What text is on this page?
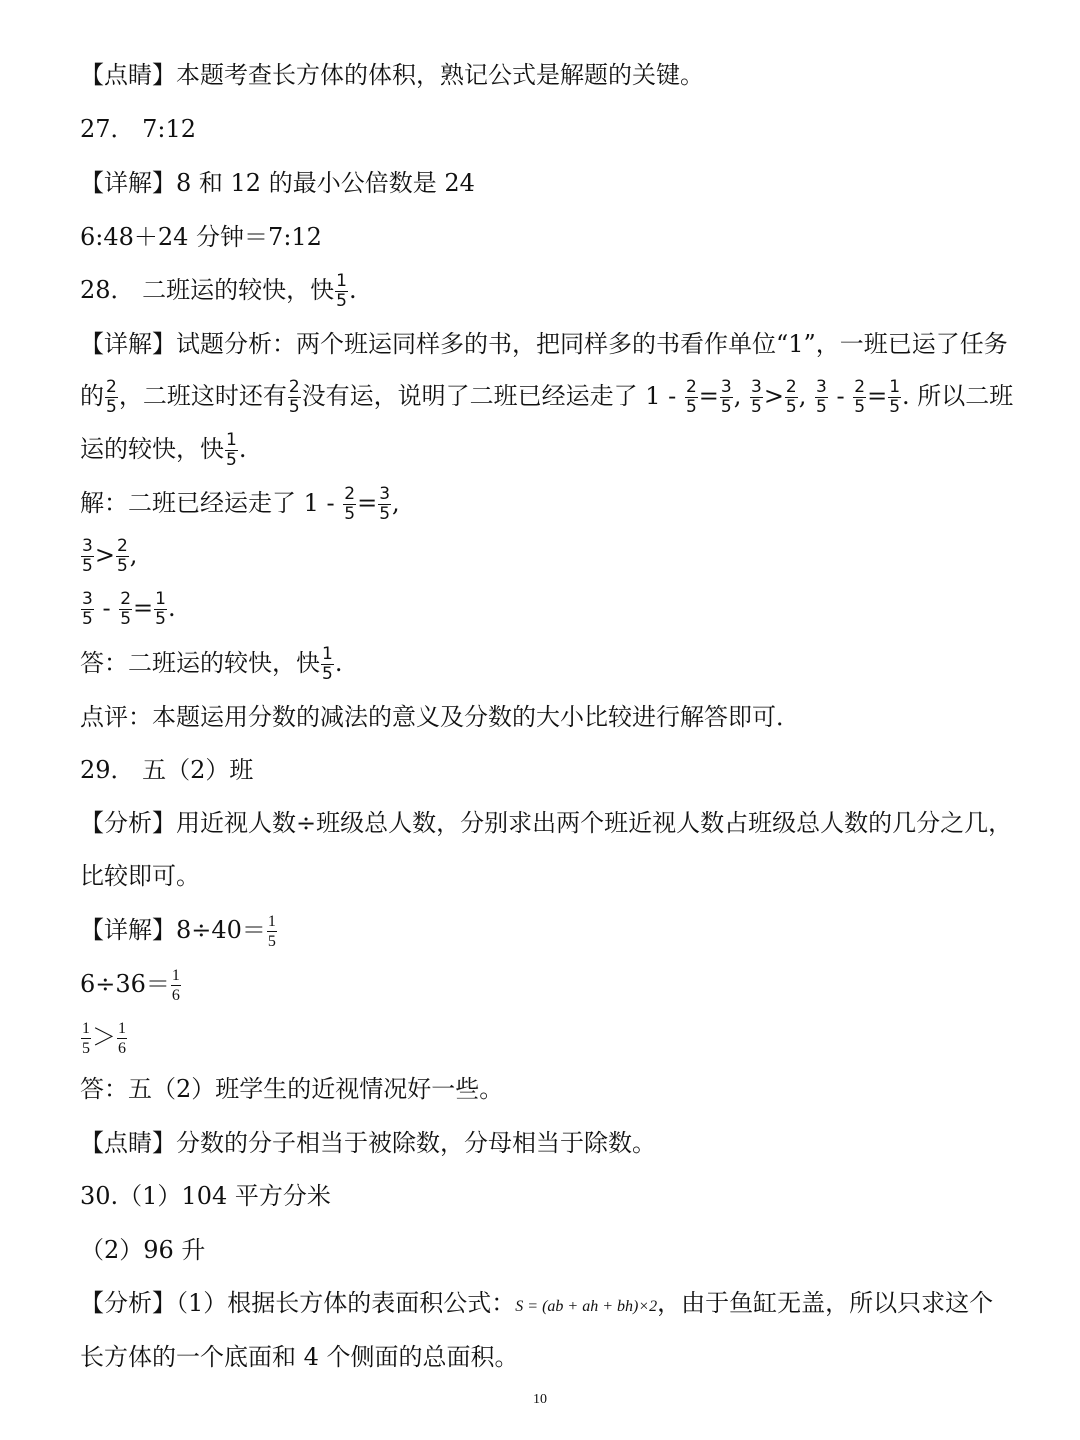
【点睛】本题考查长方体的体积，熟记公式是解题的关键。
27． 7:12
【详解】8 和 12 的最小公倍数是 24
6:48＋24 分钟＝7:12
28． 二班运的较快，快 $\frac{1}{5}$ .
【详解】试题分析：两个班运同样多的书，把同样多的书看作单位“1”，一班已运了任务
的 $\frac{2}{5}$ ，二班这时还有 $\frac{2}{5}$ 没有运，说明了二班已经运走了 $1 - \frac{2}{5} = \frac{3}{5}$ , $\frac{3}{5} > \frac{2}{5}$ , $\frac{3}{5} - \frac{2}{5} = \frac{1}{5}$ . 所以二班
运的较快，快 $\frac{1}{5}$ .
解：二班已经运走了 $1 - \frac{2}{5} = \frac{3}{5}$ ,
$\frac{3}{5} > \frac{2}{5}$ ,
$\frac{3}{5} - \frac{2}{5} = \frac{1}{5}$ .
答：二班运的较快，快 $\frac{1}{5}$ .
点评：本题运用分数的减法的意义及分数的大小比较进行解答即可．
29． 五（2）班
【分析】用近视人数÷班级总人数，分别求出两个班近视人数占班级总人数的几分之几，
比较即可。
【详解】$8\div 40= \frac{1}{5}$
$6\div 36= \frac{1}{6}$
$\frac{1}{5} > \frac{1}{6}$
答：五（2）班学生的近视情况好一些。
【点睛】分数的分子相当于被除数，分母相当于除数。
30.（1）104 平方分米
（2）96 升
【分析】（1）根据长方体的表面积公式：S = (ab + ah + bh)×2，由于鱼缸无盖，所以只求这个
长方体的一个底面和 4 个侧面的总面积。
10
